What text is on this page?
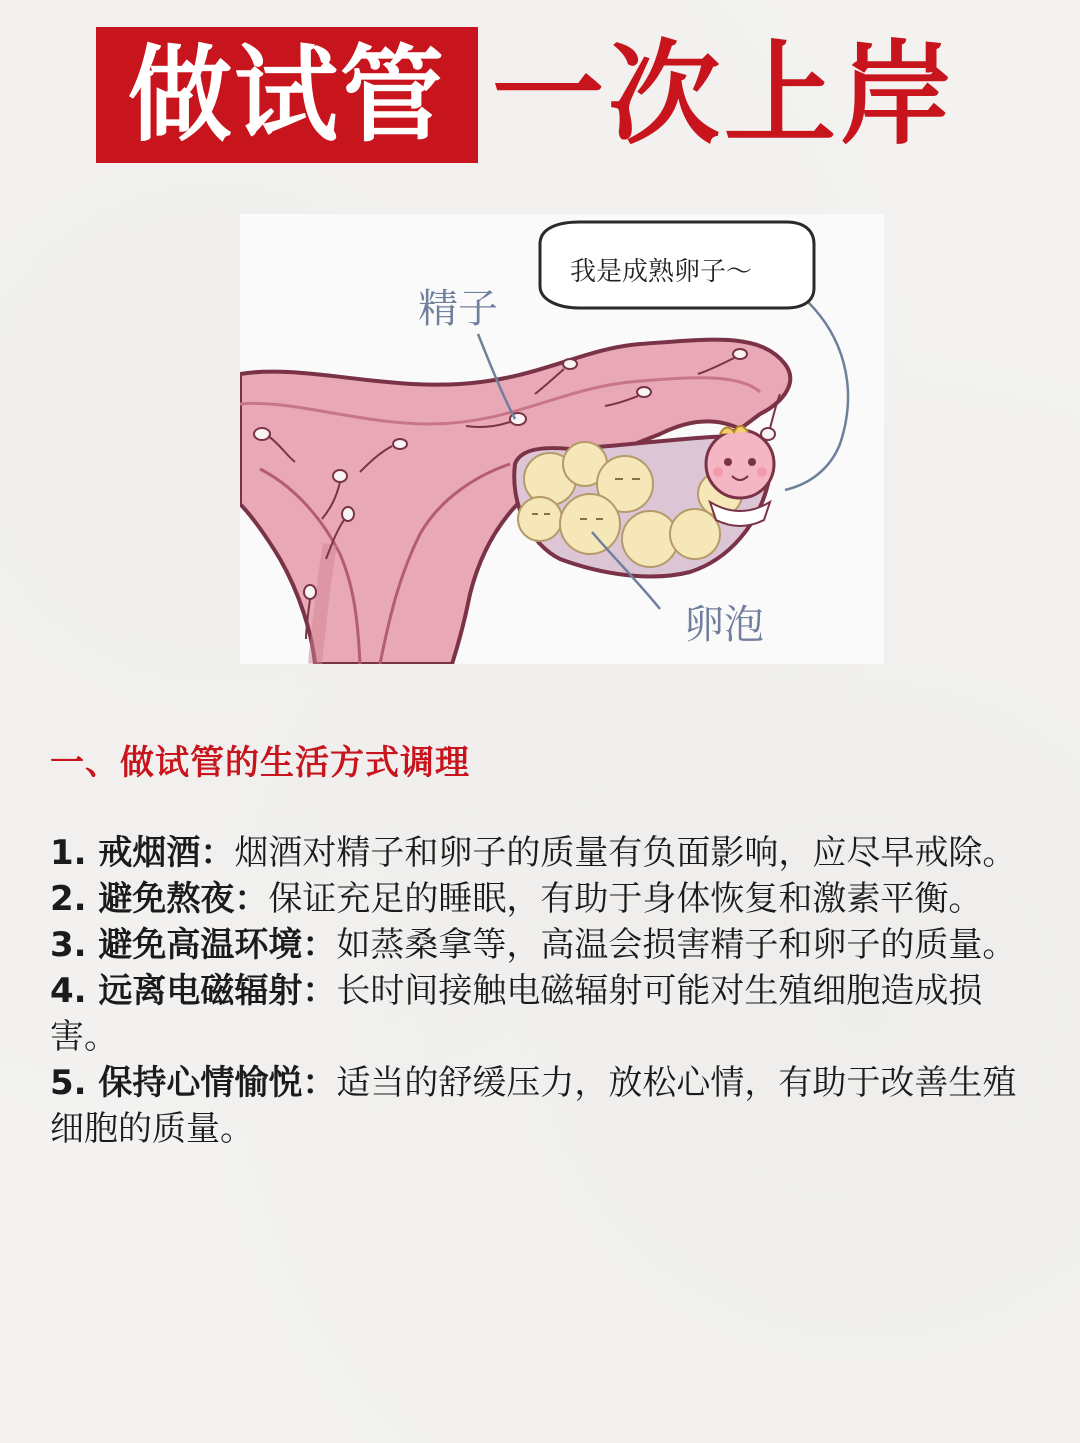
做试管 一次上岸
我是成熟卵子～
精子
卵泡
一、做试管的生活方式调理

1. 戒烟酒：烟酒对精子和卵子的质量有负面影响，应尽早戒除。

2. 避免熬夜：保证充足的睡眠，有助于身体恢复和激素平衡。

3. 避免高温环境：如蒸桑拿等，高温会损害精子和卵子的质量。

4. 远离电磁辐射：长时间接触电磁辐射可能对生殖细胞造成损害。

5. 保持心情愉悦：适当的舒缓压力，放松心情，有助于改善生殖细胞的质量。
